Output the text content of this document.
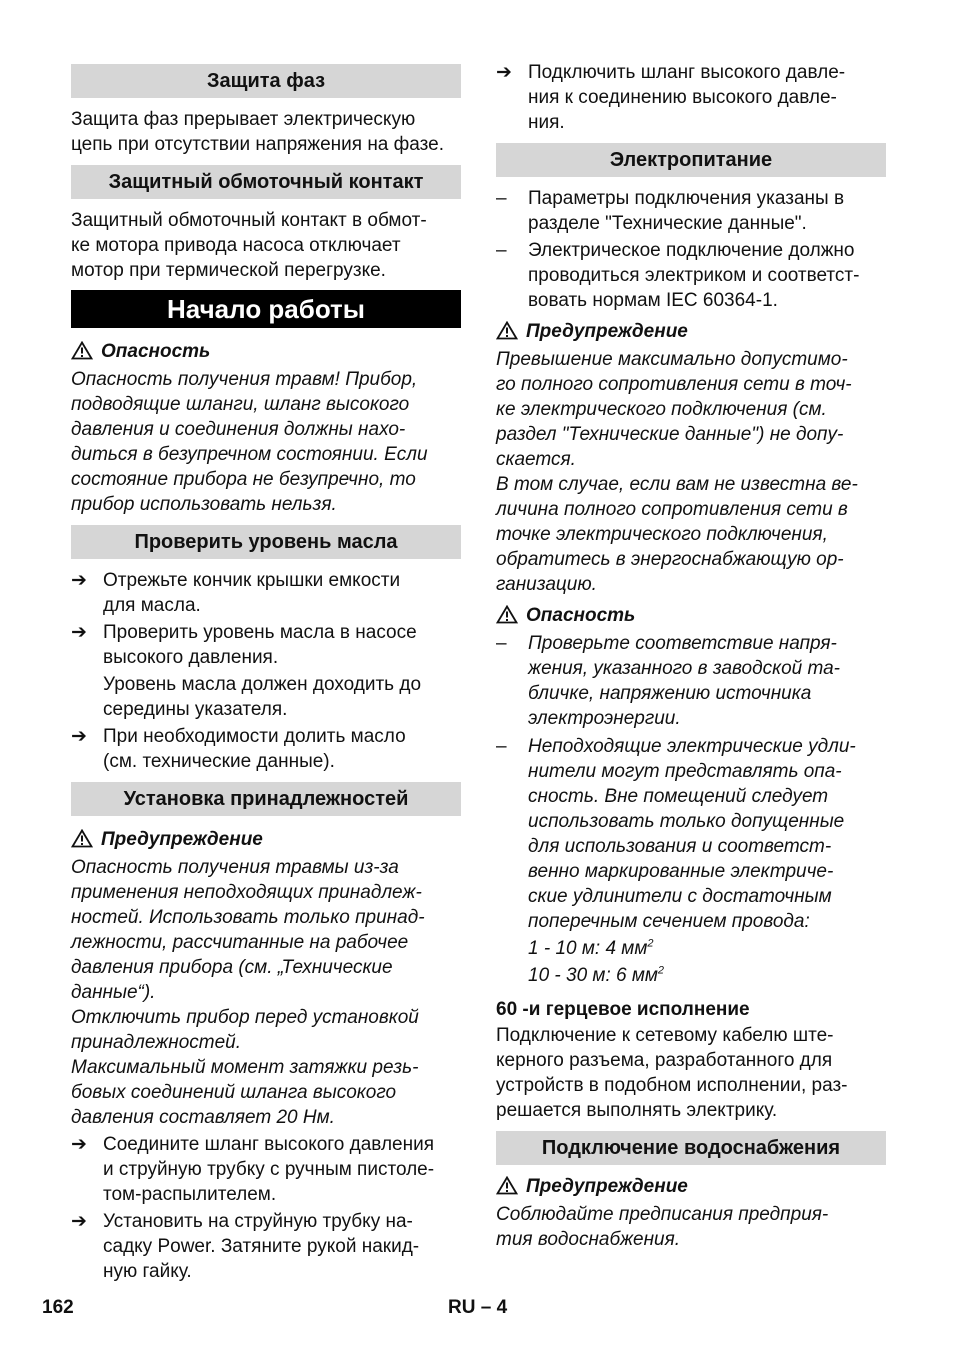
Защита фаз
Защита фаз прерывает электрическую
цепь при отсутствии напряжения на фазе.
Защитный обмоточный контакт
Защитный обмоточный контакт в обмот-
ке мотора привода насоса отключает
мотор при термической перегрузке.
Начало работы
Опасность
Опасность получения травм! Прибор,
подводящие шланги, шланг высокого
давления и соединения должны нахо-
диться в безупречном состоянии. Если
состояние прибора не безупречно, то
прибор использовать нельзя.
Проверить уровень масла
➔ Отрежьте кончик крышки емкости
для масла.
➔ Проверить уровень масла в насосе
высокого давления.
Уровень масла должен доходить до
середины указателя.
➔ При необходимости долить масло
(см. технические данные).
Установка принадлежностей
Предупреждение
Опасность получения травмы из-за
применения неподходящих принадлеж-
ностей. Использовать только принад-
лежности, рассчитанные на рабочее
давления прибора (см. „Технические
данные“).
Отключить прибор перед установкой
принадлежностей.
Максимальный момент затяжки резь-
бовых соединений шланга высокого
давления составляет 20 Нм.
➔ Соедините шланг высокого давления
и струйную трубку с ручным пистоле-
том-распылителем.
➔ Установить на струйную трубку на-
садку Power. Затяните рукой накид-
ную гайку.
➔ Подключить шланг высокого давле-
ния к соединению высокого давле-
ния.
Электропитание
– Параметры подключения указаны в
разделе "Технические данные".
– Электрическое подключение должно
проводиться электриком и соответст-
вовать нормам IEC 60364-1.
Предупреждение
Превышение максимально допустимо-
го полного сопротивления сети в точ-
ке электрического подключения (см.
раздел "Технические данные") не допу-
скается.
В том случае, если вам не известна ве-
личина полного сопротивления сети в
точке электрического подключения,
обратитесь в энергоснабжающую ор-
ганизацию.
Опасность
– Проверьте соответствие напря-
жения, указанного в заводской та-
бличке, напряжению источника
электроэнергии.
– Неподходящие электрические удли-
нители могут представлять опа-
сность. Вне помещений следует
использовать только допущенные
для использования и соответст-
венно маркированные электриче-
ские удлинители с достаточным
поперечным сечением провода:
1 - 10 м: 4 $мм^2$
10 - 30 м: 6 $мм^2$
60 -и герцевое исполнение
Подключение к сетевому кабелю ште-
керного разъема, разработанного для
устройств в подобном исполнении, раз-
решается выполнять электрику.
Подключение водоснабжения
Предупреждение
Соблюдайте предписания предприя-
тия водоснабжения.
162	RU – 4
